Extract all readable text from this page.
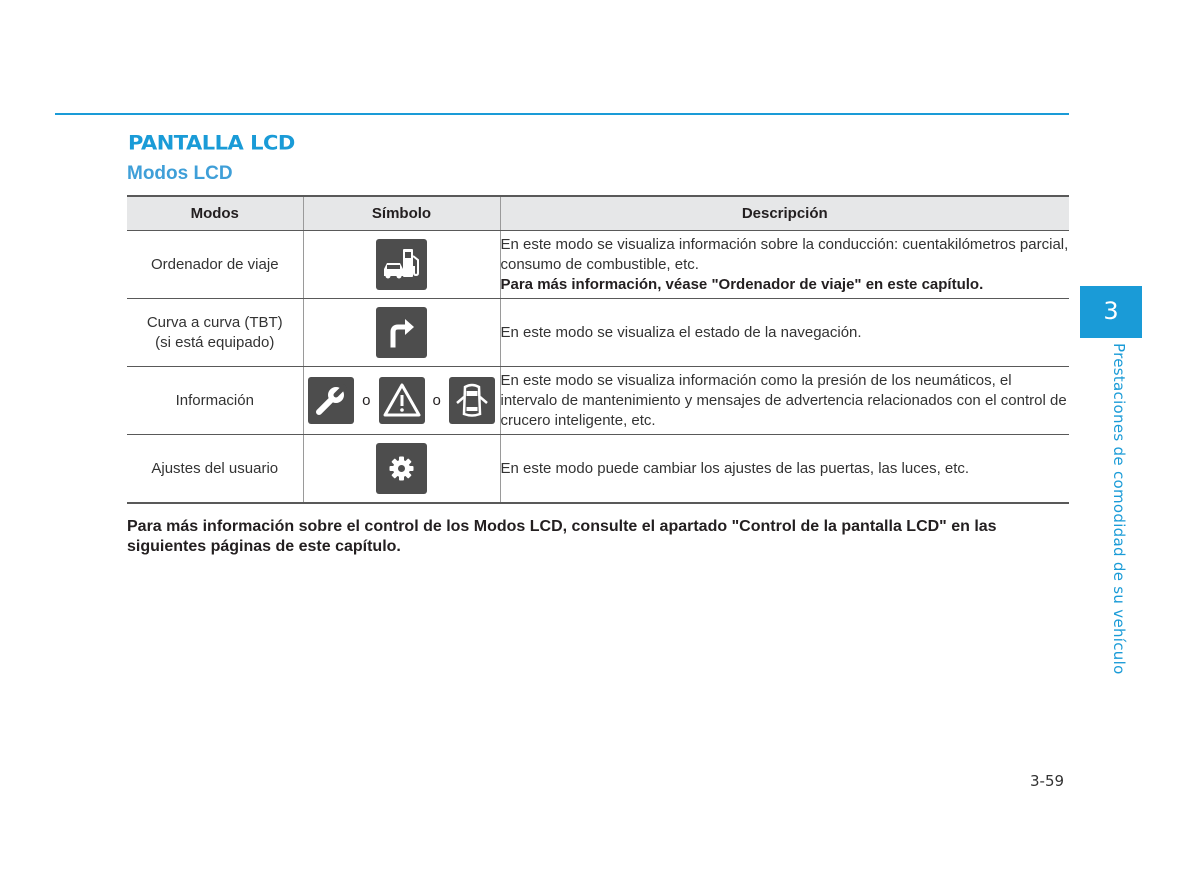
PANTALLA LCD
Modos LCD
Modos	Símbolo	Descripción
Ordenador de viaje		En este modo se visualiza información sobre la conducción: cuentakilómetros parcial, consumo de combustible, etc.
Para más información, véase "Ordenador de viaje" en este capítulo.

Curva a curva (TBT)
(si está equipado)		En este modo se visualiza el estado de la navegación.

Información	o o	En este modo se visualiza información como la presión de los neumáticos, el intervalo de mantenimiento y mensajes de advertencia relacionados con el control de crucero inteligente, etc.

Ajustes del usuario		En este modo puede cambiar los ajustes de las puertas, las luces, etc.

Para más información sobre el control de los Modos LCD, consulte el apartado "Control de la pantalla LCD" en las siguientes páginas de este capítulo.

3

Prestaciones de comodidad de su vehículo

3-59
